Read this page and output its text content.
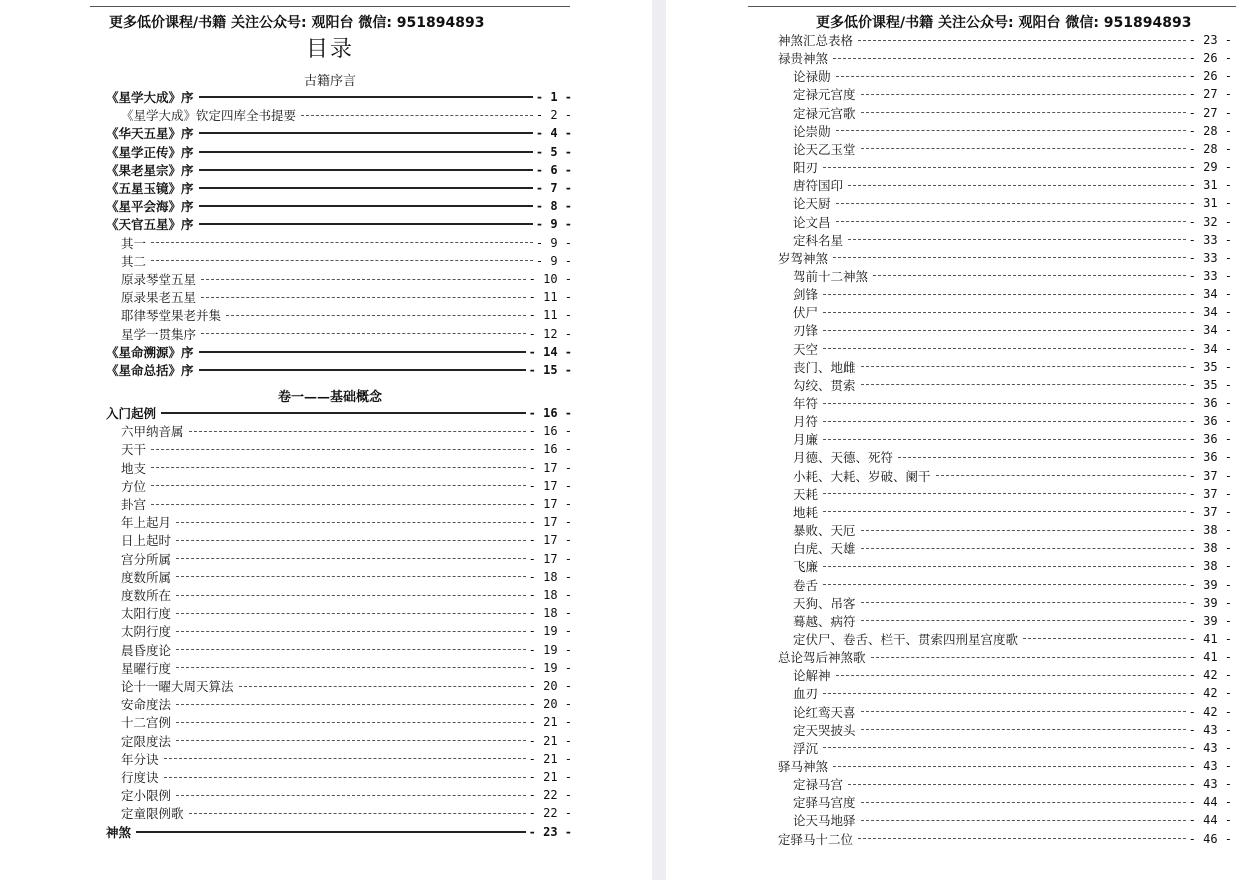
更多低价课程/书籍 关注公众号: 观阳台 微信: 951894893
目录
古籍序言
卷一——基础概念
《星学大成》序	- 1 -
《星学大成》钦定四库全书提要	- 2 -
《华天五星》序	- 4 -
《星学正传》序	- 5 -
《果老星宗》序	- 6 -
《五星玉镜》序	- 7 -
《星平会海》序	- 8 -
《天官五星》序	- 9 -
其一	- 9 -
其二	- 9 -
原录琴堂五星	- 10 -
原录果老五星	- 11 -
耶律琴堂果老并集	- 11 -
星学一贯集序	- 12 -
《星命溯源》序	- 14 -
《星命总括》序	- 15 -
入门起例	- 16 -
六甲纳音属	- 16 -
天干	- 16 -
地支	- 17 -
方位	- 17 -
卦宫	- 17 -
年上起月	- 17 -
日上起时	- 17 -
宫分所属	- 17 -
度数所属	- 18 -
度数所在	- 18 -
太阳行度	- 18 -
太阴行度	- 19 -
晨昏度论	- 19 -
星曜行度	- 19 -
论十一曜大周天算法	- 20 -
安命度法	- 20 -
十二宫例	- 21 -
定限度法	- 21 -
年分诀	- 21 -
行度诀	- 21 -
定小限例	- 22 -
定童限例歌	- 22 -
神煞	- 23 -
更多低价课程/书籍 关注公众号: 观阳台 微信: 951894893
神煞汇总表格	- 23 -
禄贵神煞	- 26 -
论禄勋	- 26 -
定禄元宫度	- 27 -
定禄元宫歌	- 27 -
论崇勋	- 28 -
论天乙玉堂	- 28 -
阳刃	- 29 -
唐符国印	- 31 -
论天厨	- 31 -
论文昌	- 32 -
定科名星	- 33 -
岁驾神煞	- 33 -
驾前十二神煞	- 33 -
剑锋	- 34 -
伏尸	- 34 -
刃锋	- 34 -
天空	- 34 -
丧门、地雌	- 35 -
勾绞、贯索	- 35 -
年符	- 36 -
月符	- 36 -
月廉	- 36 -
月德、天德、死符	- 36 -
小耗、大耗、岁破、阑干	- 37 -
天耗	- 37 -
地耗	- 37 -
暴败、天厄	- 38 -
白虎、天雄	- 38 -
飞廉	- 38 -
卷舌	- 39 -
天狗、吊客	- 39 -
蓦越、病符	- 39 -
定伏尸、卷舌、栏干、贯索四刑星宫度歌	- 41 -
总论驾后神煞歌	- 41 -
论解神	- 42 -
血刃	- 42 -
论红鸾天喜	- 42 -
定天哭披头	- 43 -
浮沉	- 43 -
驿马神煞	- 43 -
定禄马宫	- 43 -
定驿马宫度	- 44 -
论天马地驿	- 44 -
定驿马十二位	- 46 -
